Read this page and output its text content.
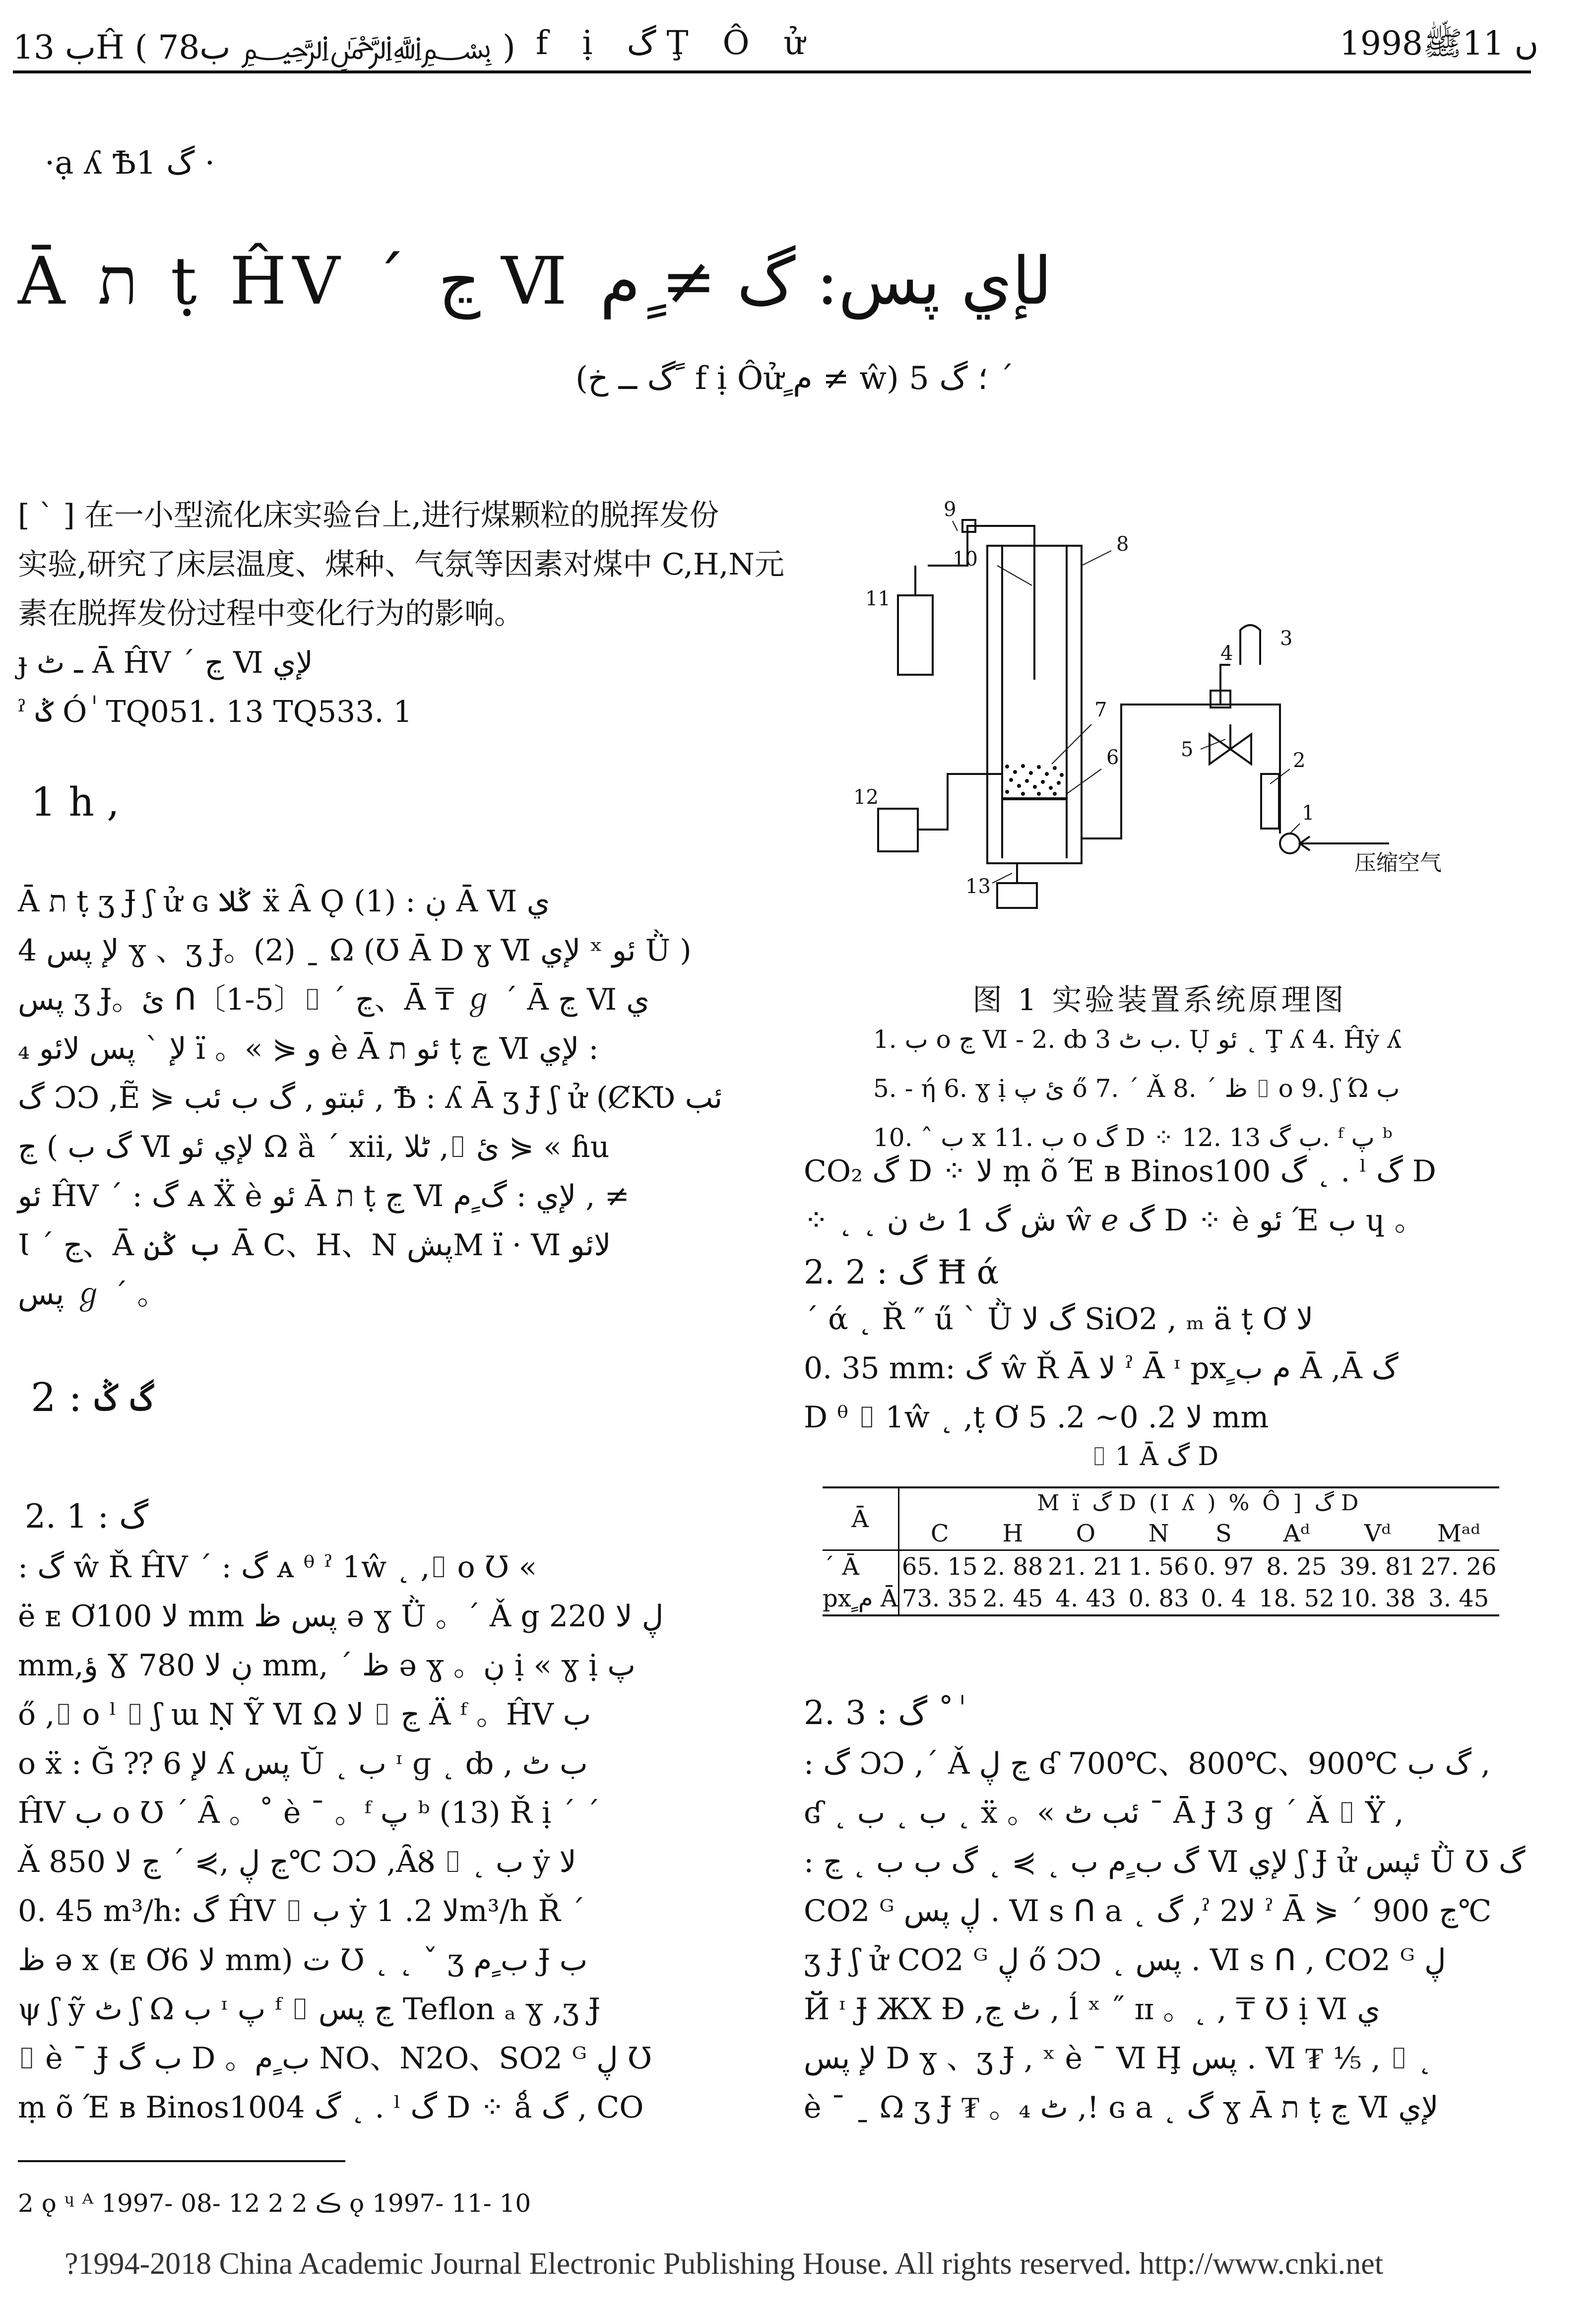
ب 13Ĥ ( 78ب ﷽ ) f ị گ Ţ Ô ử	1998ں 11ﷺ
·ạ ʎ Ѣ1 گ ·
Ā ת ṭ ĤV ˊ ڃ Ⅵ لإي پس: گ ≠ ٍم
(گ ــ خ ً f ị Ôử ٍم ≠ ŵ) 5 ؛ گ ˊ
[ ˋ ] 在一小型流化床实验台上,进行煤颗粒的脱挥发份
实验,研究了床层温度、煤种、气氛等因素对煤中 C,H,N元
素在脱挥发份过程中变化行为的影响。
ɟ ـ ٹ Ā ĤV ˊ ڃ Ⅵ لإي
ˀ ݣ Ó ٰ TQ051. 13 TQ533. 1
1 h ,
Ā ת ṭ ʒ Ɉ ʃ ử ɢ ݣلا ẍ Ȃ Ǫ ڹ : (1) Ā Ⅵ ي
لإ پس 4 ɣ 、ʒ Ɉ。(2) ˍ Ω (Ʊ Ā D ɣ Ⅵ لإي ˣ ئو Ǜ )
پس ʒ Ɉ。ئ ᑎ〔1-5〕⌷ ˊ ڃ、Ā ₸ ℊ ˊ Ā ڃ Ⅵ ي
لإ ˋ پس لائو ₄ ї 。« ⋟ و è Ā ئو ת ṭ ڃ Ⅵ لإي :
گ ƆƆ ,Ẽ ⋟ ئبتو , گ ب ئب , Ѣ : ʎ Ā ʒ Ɉ ʃ ử (ȻƘƲ ئب
گ ب ) ڃ Ⅵ لإي ئو Ω ȁ ˊ xii, ٹلا ,⌷ ئ ⋟ « ɦu
ئو ĤV ˊ : گ ᴀ Ẍ è ئو Ā ת ṭ ڃ Ⅵ لإي : گ ٍم , ≠
Ɩ ˊ ڃ、Ā ب ݣن Ā C、H、N پشM ї · Ⅵ لائو
پس ℊ ˊ 。
2 : گ ݣ
2. 1 : گ
: گ ŵ Ř ĤV ˊ : گ ᴀ ᶿ ˀ 1ŵ ˛ ,⌷ o Ʊ «
ë ᴇ Ơلا 100 mm پس ظ ə ɣ Ǜ 。ˊ Ǎ g ڸ لا 220
mm,ؤ Ɣ ڹ لا 780 mm, ˊ ظ ə ɣ 。ڹ ị « ɣ ị پ
ő ,⌷ o ˡ ⌷ ʃ ɯ Ṇ Ỹ Ⅵ Ω لا ⌷ ڃ Ä ᶠ 。ĤV ب
o ẍ : Ğ ⁇ 6 لإ ʎ پس Ŭ ˛ ب ᶦ ɡ ˛ ȸ , ب ٹ
ĤV ب o Ʊ ˊ Ȃ 。˚ è ˉ 。ᶠ پ ᵇ (13) Ř ị ˊ ˊ
Ǎ ڃ ڸ ,⋟ ˊ ڃ لا 850℃ ƆƆ ,ȂȢ ⌷ ˛ ب ẏ لا
0. 45 m³/h: گ ĤV ⌷ ب ẏ لا 2. 1m³/h Ř ˊ
ظ ə x (ᴇ Ơلا 6 mm) ت Ʊ ˛ ˛ ˇ ʒ ب ٍم Ɉ ب
ψ ʃ ỹ ٹ ʃ Ω ب ᶦ پ ᶠ ⌷ ڃ پس Teflon ₐ ɣ ,ʒ Ɉ
⌷ è ˉ Ɉ ب گ D 。ب ٍم NO、N2O、SO2 ᴳ ڸ Ʊ
ṃ õ Έ ʙ Binos1004 گ ˛ . ˡ گ D ⁘ ǻ گ , CO
2 ǫ ᶣ ᴬ 1997- 08- 12 2 ڪ 2 ǫ 1997- 11- 10
9
10
8
11
7
6
12
13
4
3
5	2
1
压缩空气
图 1 实验装置系统原理图
1. ب o ڃ Ⅵ - 2. ȸ ب ٹ 3. Ụ ئو ˛ Ţ ʎ 4. Ĥẏ ʎ
5. - ή 6. ɣ ị ئ پ ő 7. ˊ Ǎ 8. ˊ ظ ⌷ o 9. ʃ Ώ ب
10. ˆ ب x 11. ب o گ D ⁘ 12. ب گ 13. ᶠ پ ᵇ
CO₂ گ D ⁘ لا ṃ õ Έ ʙ Binos100 گ ˛ . ˡ گ D
⁘ ˛ ˛ ش گ 1 ٹ ﻥ ŵ ℯ گ D ⁘ è ئو Έ ب ɥ 。
2. 2 : گ Ħ ά
ˊ ά ˛ Ř ″ ű ˋ Ǜ گ لا SiO2 , ₘ ä ṭ Ơ لا
0. 35 mm: گ ŵ Ř Ā لا ˀ Ā ᶦ px ٍم ب Ā ,Ā گ
D ᶿ ⌷ 1ŵ ˛ ,ṭ Ơ لا 2. 0~ 2. 5 mm
⌷ 1 Ā گ D
Ā	M ї گ D (Ⅰ ʎ ) % Ô ] گ D							
	C	H	O	N	S	Aᵈ	Vᵈ	Mᵃᵈ
ˊ Ā	65. 15	2. 88	21. 21	1. 56	0. 97	8. 25	39. 81	27. 26
px ٍم Ā	73. 35	2. 45	4. 43	0. 83	0. 4	18. 52	10. 38	3. 45
2. 3 : گ ˚ ٰ
: گ ƆƆ ,ˊ Ǎ ڃ ڸ ʛ 700℃、800℃、900℃ گ ب ,
ʛ ˛ ب ˛ ب ˛ ẍ 。« ئب ٹ ˉ Ā Ɉ 3 g ˊ Ǎ ⌷ Ÿ ,
: گ ب ٍم ب ˛ ⋟ ˛ گ ب ب ˛ ڃ Ⅵ لإي ʃ Ɉ ử ئپس Ǜ Ʊ گ
CO2 ᴳ ڸ پس . Ⅵ s ᑎ a ˛ گ ,ˀ 2لا ˀ Ā ⋟ ˊ ڃ 900℃
ʒ Ɉ ʃ ử CO2 ᴳ ڸ ő ƆƆ ˛ پس . Ⅵ s ᑎ , CO2 ᴳ ڸ
Й ᶦ Ɉ ЖX Ɖ ,ٹ ڃ , ĺ ˣ ˝ ɪɪ 。˛ , ₸ Ʊ ị Ⅵ ي
لإ پس D ɣ 、ʒ Ɉ , ˣ è ˉ Ⅵ Ḩ پس . Ⅵ ₮ ⅕ , ⌷ ˛
è ˉ ˍ Ω ʒ Ɉ ₮ 。₄ ٹ ,! ɢ a ˛ گ ɣ Ā ת ṭ ڃ Ⅵ لإي
?1994-2018 China Academic Journal Electronic Publishing House. All rights reserved. http://www.cnki.net
